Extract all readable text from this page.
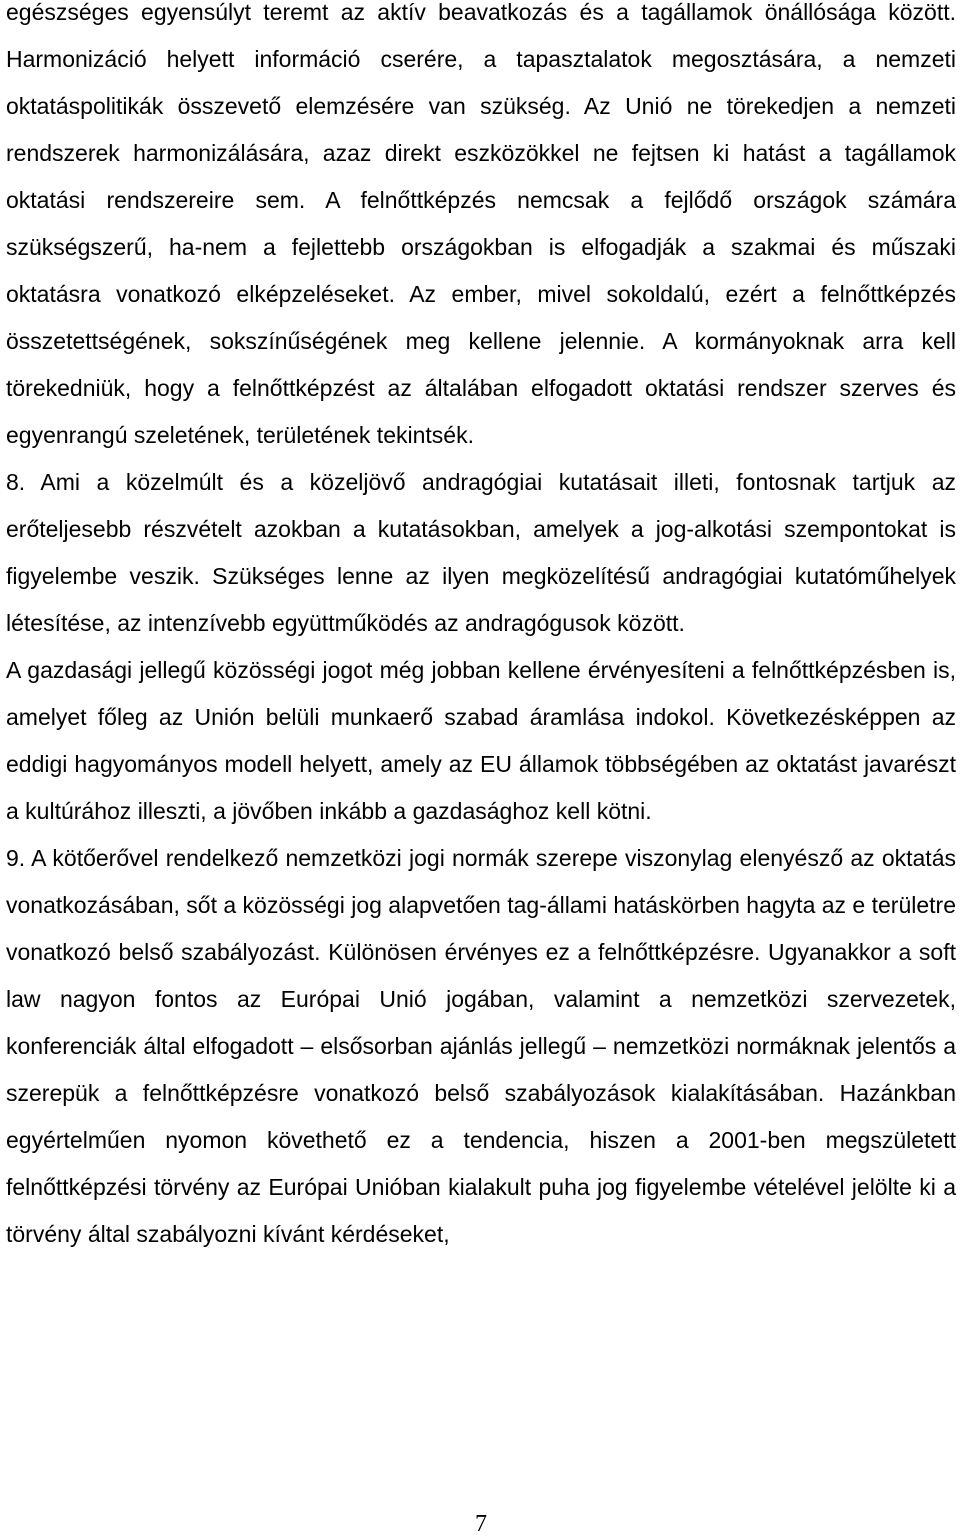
egészséges egyensúlyt teremt az aktív beavatkozás és a tagállamok önállósága között. Harmonizáció helyett információ cserére, a tapasztalatok megosztására, a nemzeti oktatáspolitikák összevető elemzésére van szükség. Az Unió ne törekedjen a nemzeti rendszerek harmonizálására, azaz direkt eszközökkel ne fejtsen ki hatást a tagállamok oktatási rendszereire sem. A felnőttképzés nemcsak a fejlődő országok számára szükségszerű, ha-nem a fejlettebb országokban is elfogadják a szakmai és műszaki oktatásra vonatkozó elképzeléseket. Az ember, mivel sokoldalú, ezért a felnőttképzés összetettségének, sokszínűségének meg kellene jelennie. A kormányoknak arra kell törekedniük, hogy a felnőttképzést az általában elfogadott oktatási rendszer szerves és egyenrangú szeletének, területének tekintsék.

8. Ami a közelmúlt és a közeljövő andragógiai kutatásait illeti, fontosnak tartjuk az erőteljesebb részvételt azokban a kutatásokban, amelyek a jog-alkotási szempontokat is figyelembe veszik. Szükséges lenne az ilyen megközelítésű andragógiai kutatóműhelyek létesítése, az intenzívebb együttműködés az andragógusok között.

A gazdasági jellegű közösségi jogot még jobban kellene érvényesíteni a felnőttképzésben is, amelyet főleg az Unión belüli munkaerő szabad áramlása indokol. Következésképpen az eddigi hagyományos modell helyett, amely az EU államok többségében az oktatást javarészt a kultúrához illeszti, a jövőben inkább a gazdasághoz kell kötni.

9. A kötőerővel rendelkező nemzetközi jogi normák szerepe viszonylag elenyésző az oktatás vonatkozásában, sőt a közösségi jog alapvetően tag-állami hatáskörben hagyta az e területre vonatkozó belső szabályozást. Különösen érvényes ez a felnőttképzésre. Ugyanakkor a soft law nagyon fontos az Európai Unió jogában, valamint a nemzetközi szervezetek, konferenciák által elfogadott – elsősorban ajánlás jellegű – nemzetközi normáknak jelentős a szerepük a felnőttképzésre vonatkozó belső szabályozások kialakításában. Hazánkban egyértelműen nyomon követhető ez a tendencia, hiszen a 2001-ben megszületett felnőttképzési törvény az Európai Unióban kialakult puha jog figyelembe vételével jelölte ki a törvény által szabályozni kívánt kérdéseket,

7
